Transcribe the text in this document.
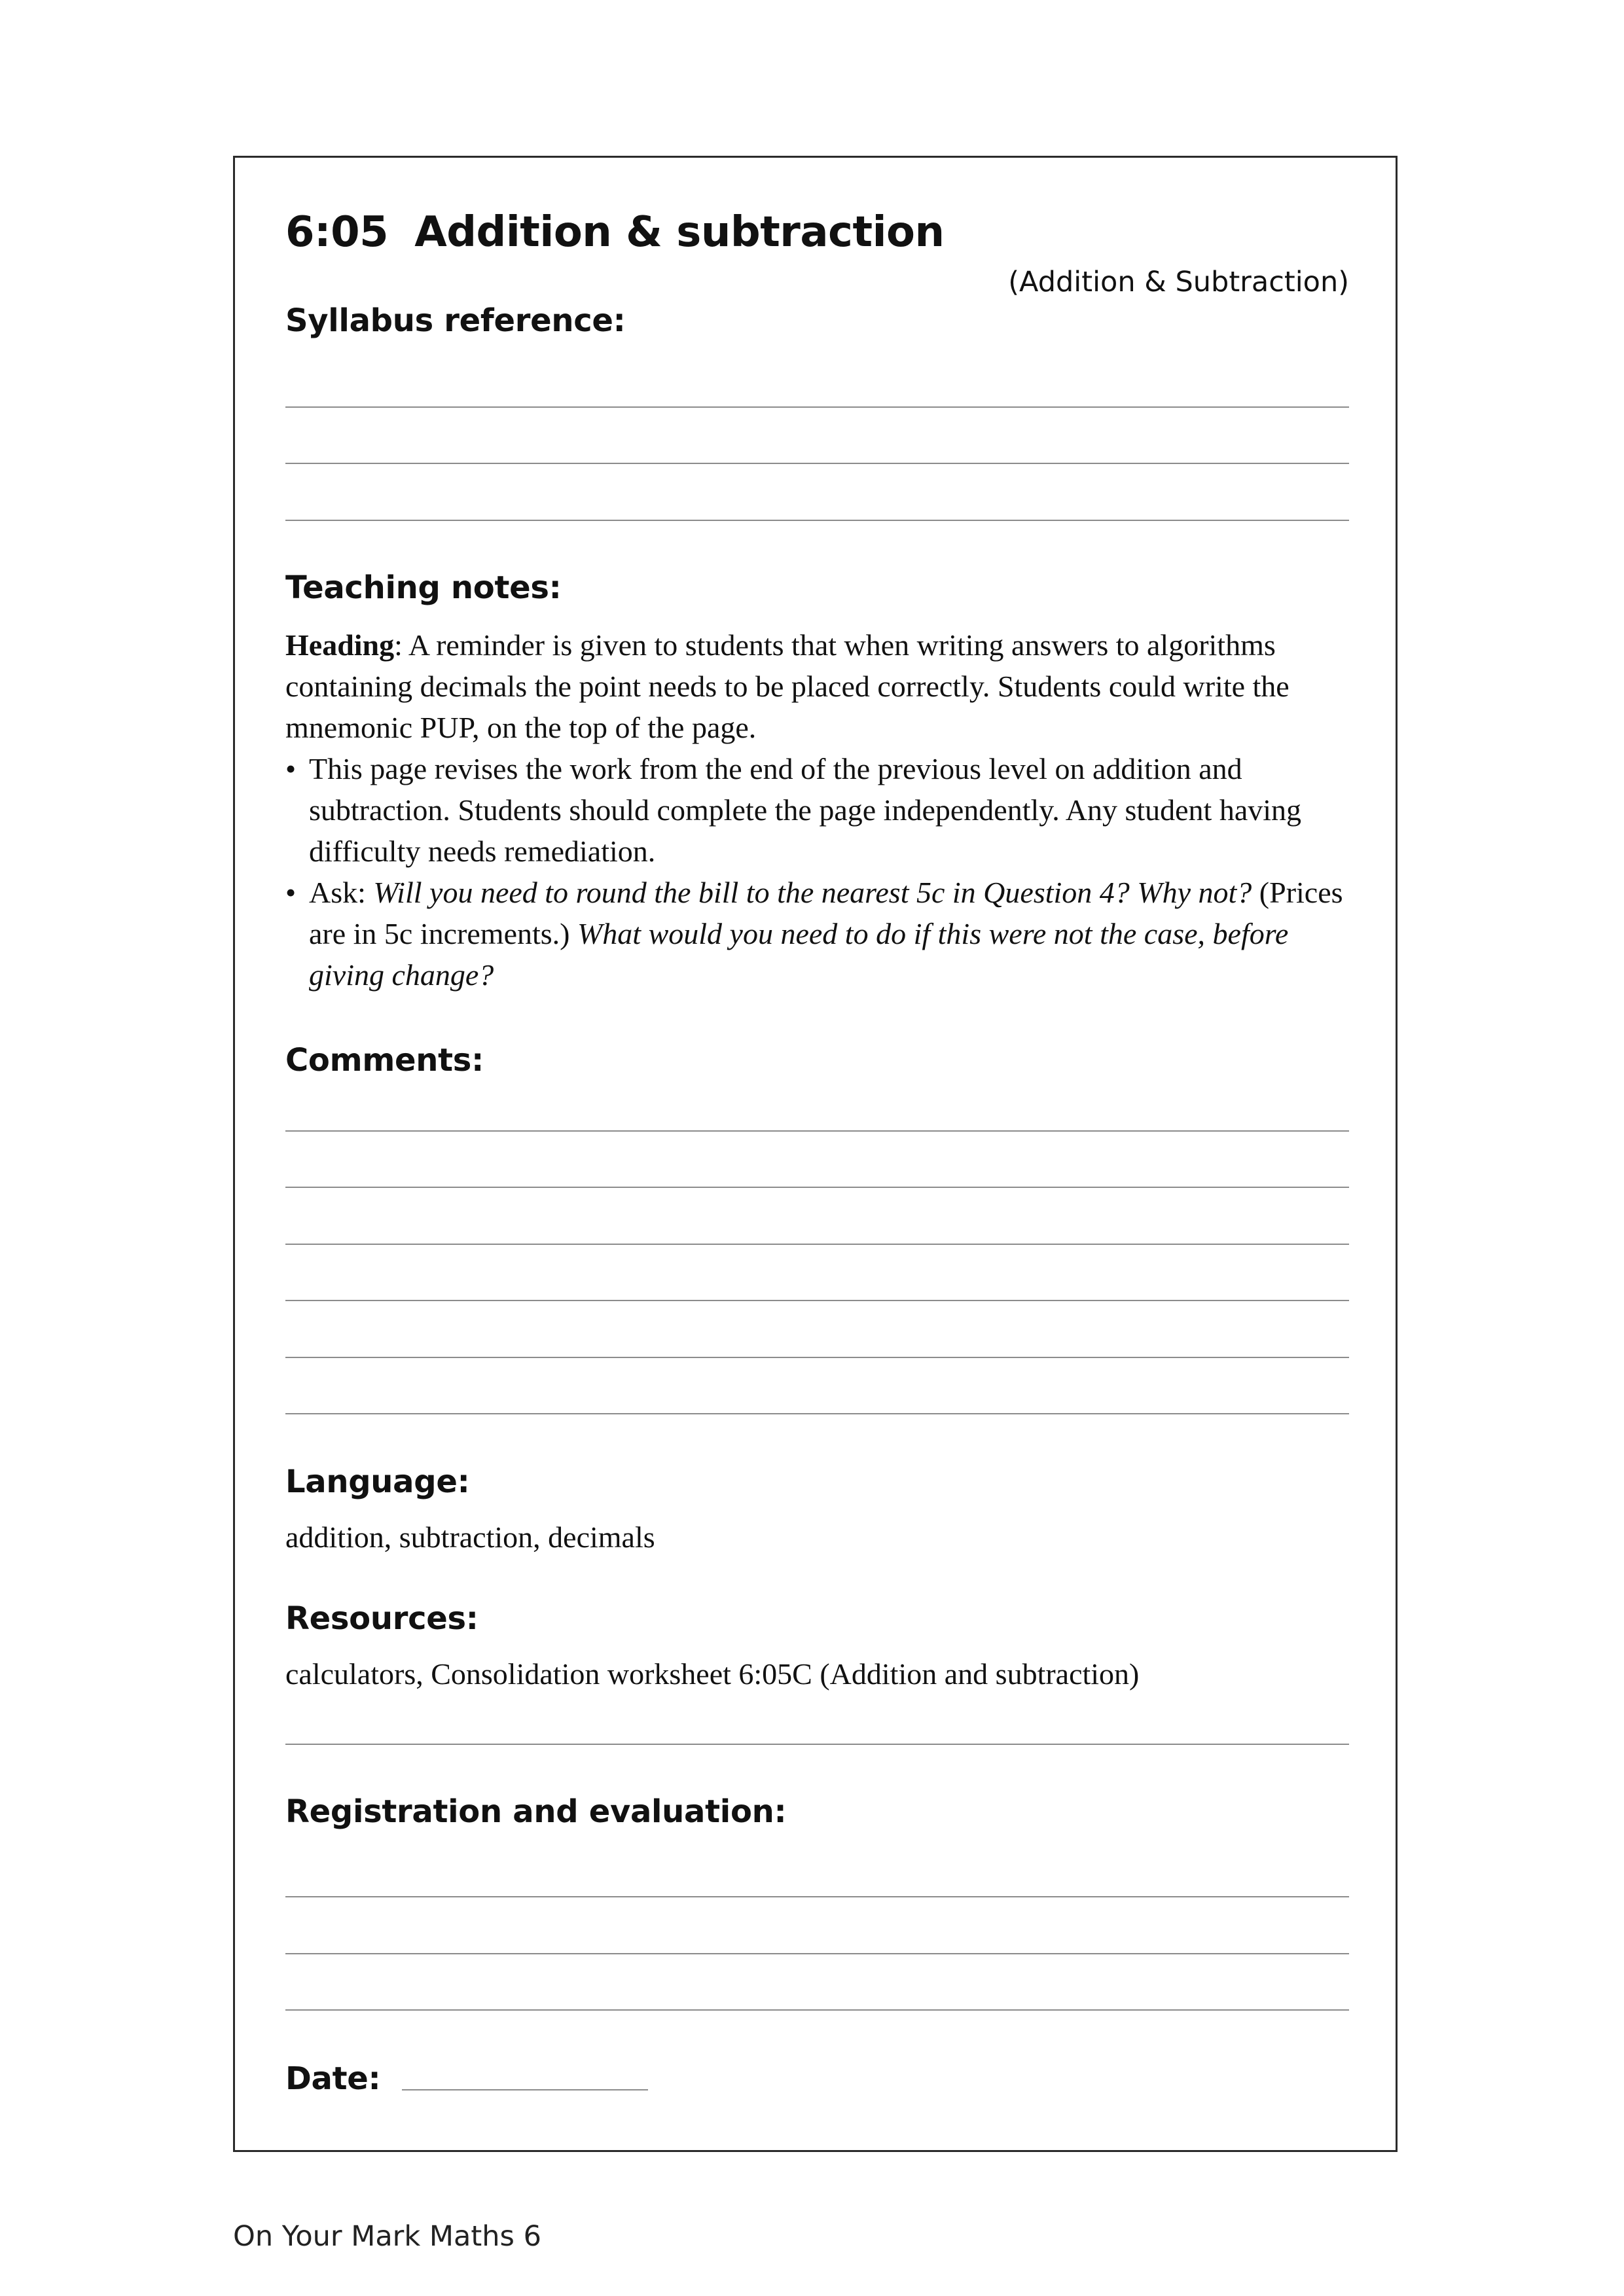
6:05 Addition & subtraction
(Addition & Subtraction)
Syllabus reference:
Teaching notes:

Heading: A reminder is given to students that when writing answers to algorithms containing decimals the point needs to be placed correctly. Students could write the mnemonic PUP, on the top of the page.

• This page revises the work from the end of the previous level on addition and subtraction. Students should complete the page independently. Any student having difficulty needs remediation.

• Ask: Will you need to round the bill to the nearest 5c in Question 4? Why not? (Prices are in 5c increments.) What would you need to do if this were not the case, before giving change?

Comments:
Language:
addition, subtraction, decimals
Resources:
calculators, Consolidation worksheet 6:05C (Addition and subtraction)
Registration and evaluation:
Date:
On Your Mark Maths 6
